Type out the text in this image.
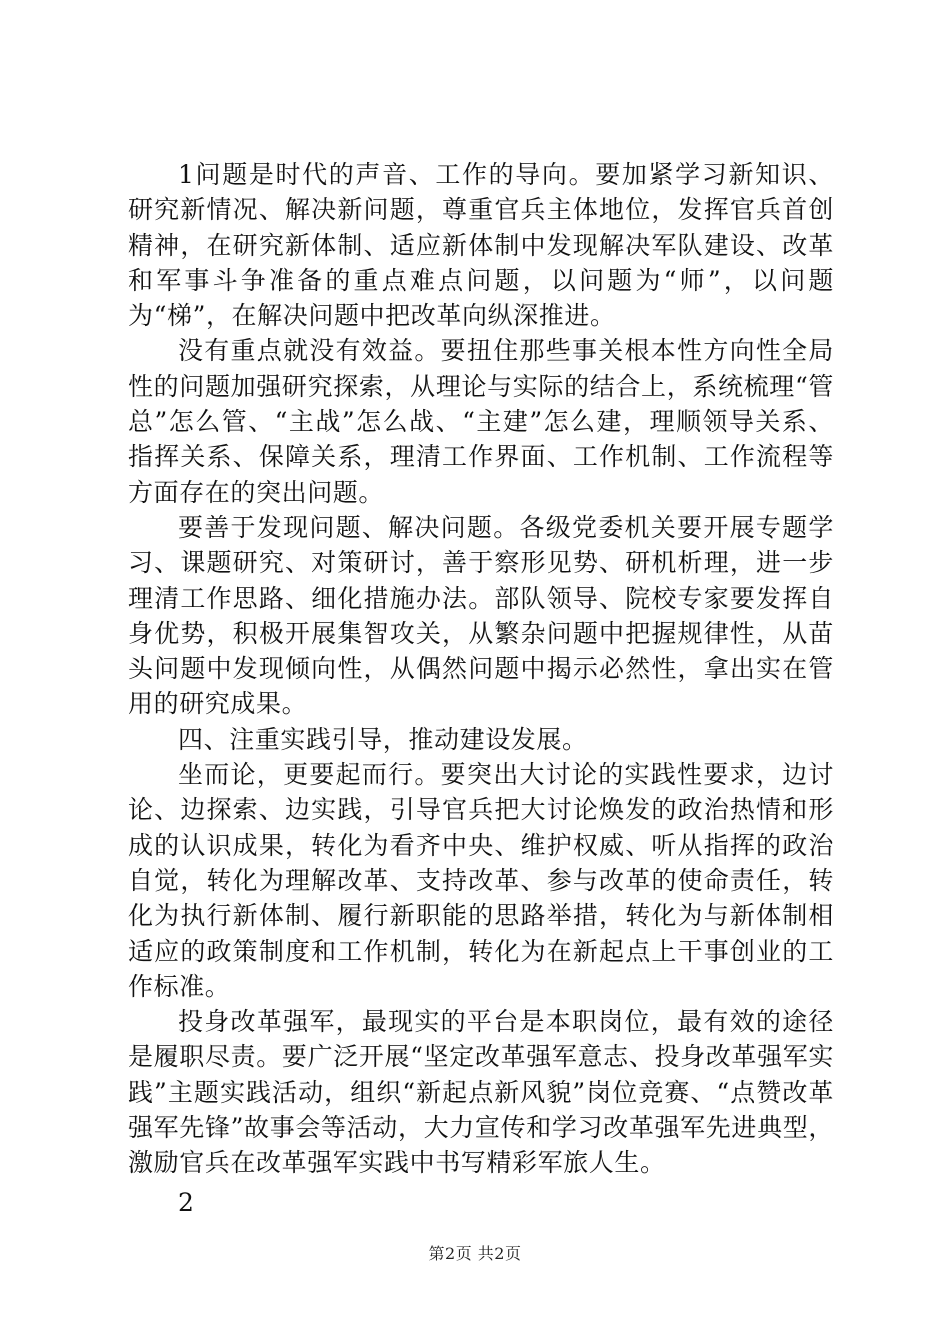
1问题是时代的声音、工作的导向。要加紧学习新知识、研究新情况、解决新问题，尊重官兵主体地位，发挥官兵首创精神，在研究新体制、适应新体制中发现解决军队建设、改革和军事斗争准备的重点难点问题，以问题为“师”，以问题为“梯”，在解决问题中把改革向纵深推进。

没有重点就没有效益。要扭住那些事关根本性方向性全局性的问题加强研究探索，从理论与实际的结合上，系统梳理“管总”怎么管、“主战”怎么战、“主建”怎么建，理顺领导关系、指挥关系、保障关系，理清工作界面、工作机制、工作流程等方面存在的突出问题。

要善于发现问题、解决问题。各级党委机关要开展专题学习、课题研究、对策研讨，善于察形见势、研机析理，进一步理清工作思路、细化措施办法。部队领导、院校专家要发挥自身优势，积极开展集智攻关，从繁杂问题中把握规律性，从苗头问题中发现倾向性，从偶然问题中揭示必然性，拿出实在管用的研究成果。

四、注重实践引导，推动建设发展。

坐而论，更要起而行。要突出大讨论的实践性要求，边讨论、边探索、边实践，引导官兵把大讨论焕发的政治热情和形成的认识成果，转化为看齐中央、维护权威、听从指挥的政治自觉，转化为理解改革、支持改革、参与改革的使命责任，转化为执行新体制、履行新职能的思路举措，转化为与新体制相适应的政策制度和工作机制，转化为在新起点上干事创业的工作标准。

投身改革强军，最现实的平台是本职岗位，最有效的途径是履职尽责。要广泛开展“坚定改革强军意志、投身改革强军实践”主题实践活动，组织“新起点新风貌”岗位竞赛、“点赞改革强军先锋”故事会等活动，大力宣传和学习改革强军先进典型，激励官兵在改革强军实践中书写精彩军旅人生。

2

第2页 共2页
